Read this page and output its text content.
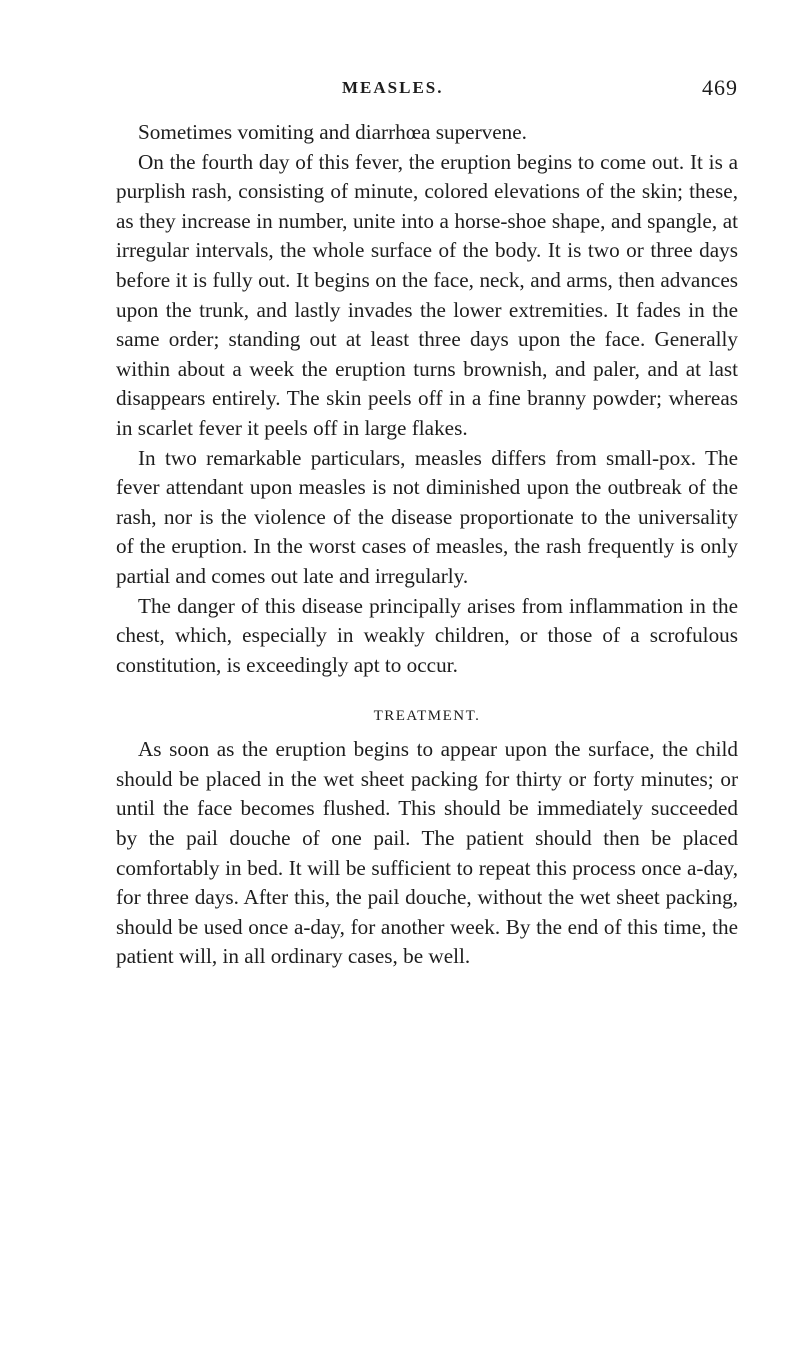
MEASLES.	469

Sometimes vomiting and diarrhœa supervene.

On the fourth day of this fever, the eruption begins to come out. It is a purplish rash, consisting of minute, colored elevations of the skin; these, as they increase in number, unite into a horse-shoe shape, and spangle, at irregular intervals, the whole surface of the body. It is two or three days before it is fully out. It begins on the face, neck, and arms, then advances upon the trunk, and lastly invades the lower extremities. It fades in the same order; standing out at least three days upon the face. Generally within about a week the eruption turns brownish, and paler, and at last disappears entirely. The skin peels off in a fine branny powder; whereas in scarlet fever it peels off in large flakes.

In two remarkable particulars, measles differs from small-pox. The fever attendant upon measles is not diminished upon the outbreak of the rash, nor is the violence of the disease proportionate to the universality of the eruption. In the worst cases of measles, the rash frequently is only partial and comes out late and irregularly.

The danger of this disease principally arises from inflammation in the chest, which, especially in weakly children, or those of a scrofulous constitution, is exceedingly apt to occur.

TREATMENT.

As soon as the eruption begins to appear upon the surface, the child should be placed in the wet sheet packing for thirty or forty minutes; or until the face becomes flushed. This should be immediately succeeded by the pail douche of one pail. The patient should then be placed comfortably in bed. It will be sufficient to repeat this process once a-day, for three days. After this, the pail douche, without the wet sheet packing, should be used once a-day, for another week. By the end of this time, the patient will, in all ordinary cases, be well.
